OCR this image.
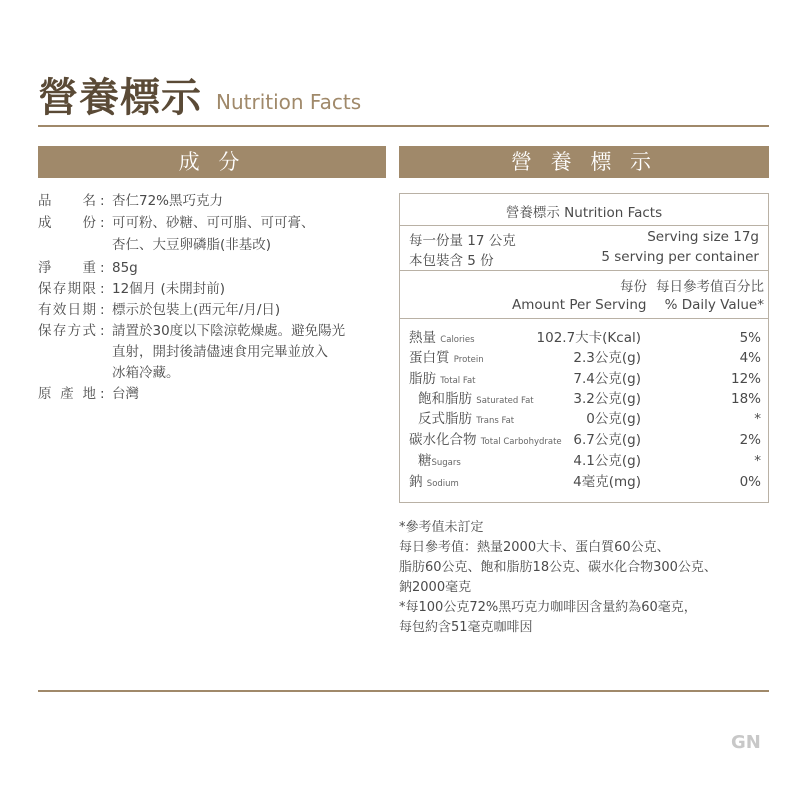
營養標示 Nutrition Facts
成 分	營 養 標 示
品 名 : 杏仁72%黑巧克力
成 份 : 可可粉、砂糖、可可脂、可可膏、
杏仁、大豆卵磷脂(非基改)
淨 重 : 85g
保存期限 : 12個月 (未開封前)
有效日期 : 標示於包裝上(西元年/月/日)
保存方式 : 請置於30度以下陰涼乾燥處。避免陽光
直射，開封後請儘速食用完畢並放入
冰箱冷藏。
原 產 地 : 台灣
營養標示 Nutrition Facts
每一份量 17 公克	Serving size 17g
本包裝含 5 份	5 serving per container
每份 每日參考值百分比
Amount Per Serving % Daily Value*
熱量 Calories	102.7大卡(Kcal)	5%
蛋白質 Protein	2.3公克(g)	4%
脂肪 Total Fat	7.4公克(g)	12%
飽和脂肪 Saturated Fat	3.2公克(g)	18%
反式脂肪 Trans Fat	0公克(g)	*
碳水化合物 Total Carbohydrate 6.7公克(g)	2%
糖Sugars	4.1公克(g)	*
鈉 Sodium	4毫克(mg)	0%
*參考值未訂定
每日參考值：熱量2000大卡、蛋白質60公克、
脂肪60公克、飽和脂肪18公克、碳水化合物300公克、
鈉2000毫克
*每100公克72%黑巧克力咖啡因含量約為60毫克，
每包約含51毫克咖啡因
GN
